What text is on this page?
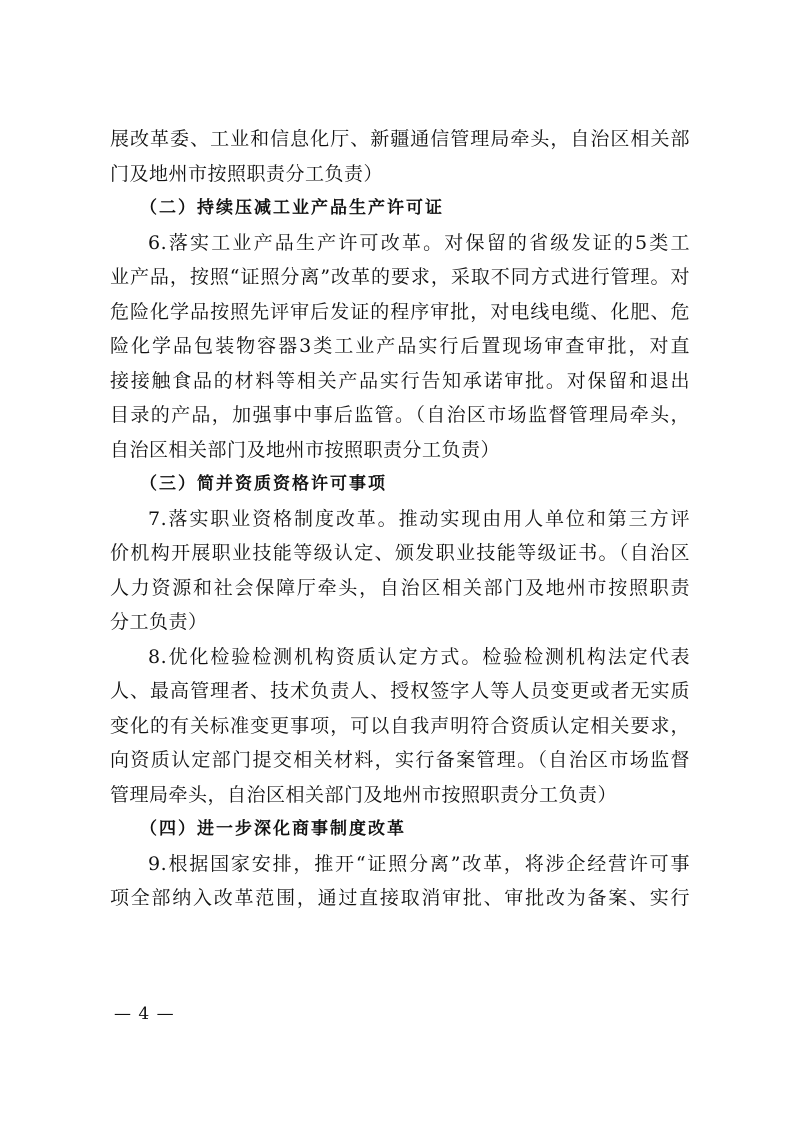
展改革委、工业和信息化厅、新疆通信管理局牵头，自治区相关部
门及地州市按照职责分工负责）
（二）持续压减工业产品生产许可证
6.落实工业产品生产许可改革。对保留的省级发证的5类工
业产品，按照“证照分离”改革的要求，采取不同方式进行管理。对
危险化学品按照先评审后发证的程序审批，对电线电缆、化肥、危
险化学品包装物容器3类工业产品实行后置现场审查审批，对直
接接触食品的材料等相关产品实行告知承诺审批。对保留和退出
目录的产品，加强事中事后监管。（自治区市场监督管理局牵头，
自治区相关部门及地州市按照职责分工负责）
（三）简并资质资格许可事项
7.落实职业资格制度改革。推动实现由用人单位和第三方评
价机构开展职业技能等级认定、颁发职业技能等级证书。（自治区
人力资源和社会保障厅牵头，自治区相关部门及地州市按照职责
分工负责）
8.优化检验检测机构资质认定方式。检验检测机构法定代表
人、最高管理者、技术负责人、授权签字人等人员变更或者无实质
变化的有关标准变更事项，可以自我声明符合资质认定相关要求，
向资质认定部门提交相关材料，实行备案管理。（自治区市场监督
管理局牵头，自治区相关部门及地州市按照职责分工负责）
（四）进一步深化商事制度改革
9.根据国家安排，推开“证照分离”改革，将涉企经营许可事
项全部纳入改革范围，通过直接取消审批、审批改为备案、实行
— 4 —
